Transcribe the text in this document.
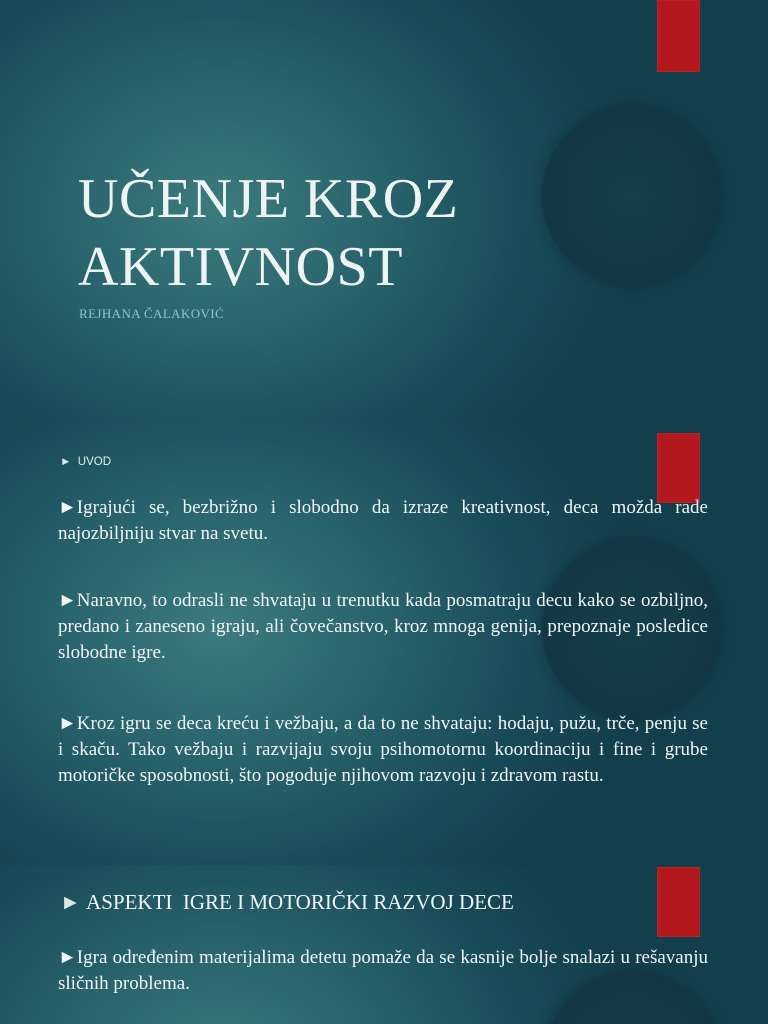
UČENJE KROZ
AKTIVNOST
REJHANA ČALAKOVIĆ
► UVOD

►Igrajući se, bezbrižno i slobodno da izraze kreativnost, deca možda rade najozbiljniju stvar na svetu.

►Naravno, to odrasli ne shvataju u trenutku kada posmatraju decu kako se ozbiljno, predano i zaneseno igraju, ali čovečanstvo, kroz mnoga genija, prepoznaje posledice slobodne igre.

►Kroz igru se deca kreću i vežbaju, a da to ne shvataju: hodaju, pužu, trče, penju se i skaču. Tako vežbaju i razvijaju svoju psihomotornu koordinaciju i fine i grube motoričke sposobnosti, što pogoduje njihovom razvoju i zdravom rastu.

► ASPEKTI  IGRE I MOTORIČKI RAZVOJ DECE

►Igra određenim materijalima detetu pomaže da se kasnije bolje snalazi u rešavanju sličnih problema.
